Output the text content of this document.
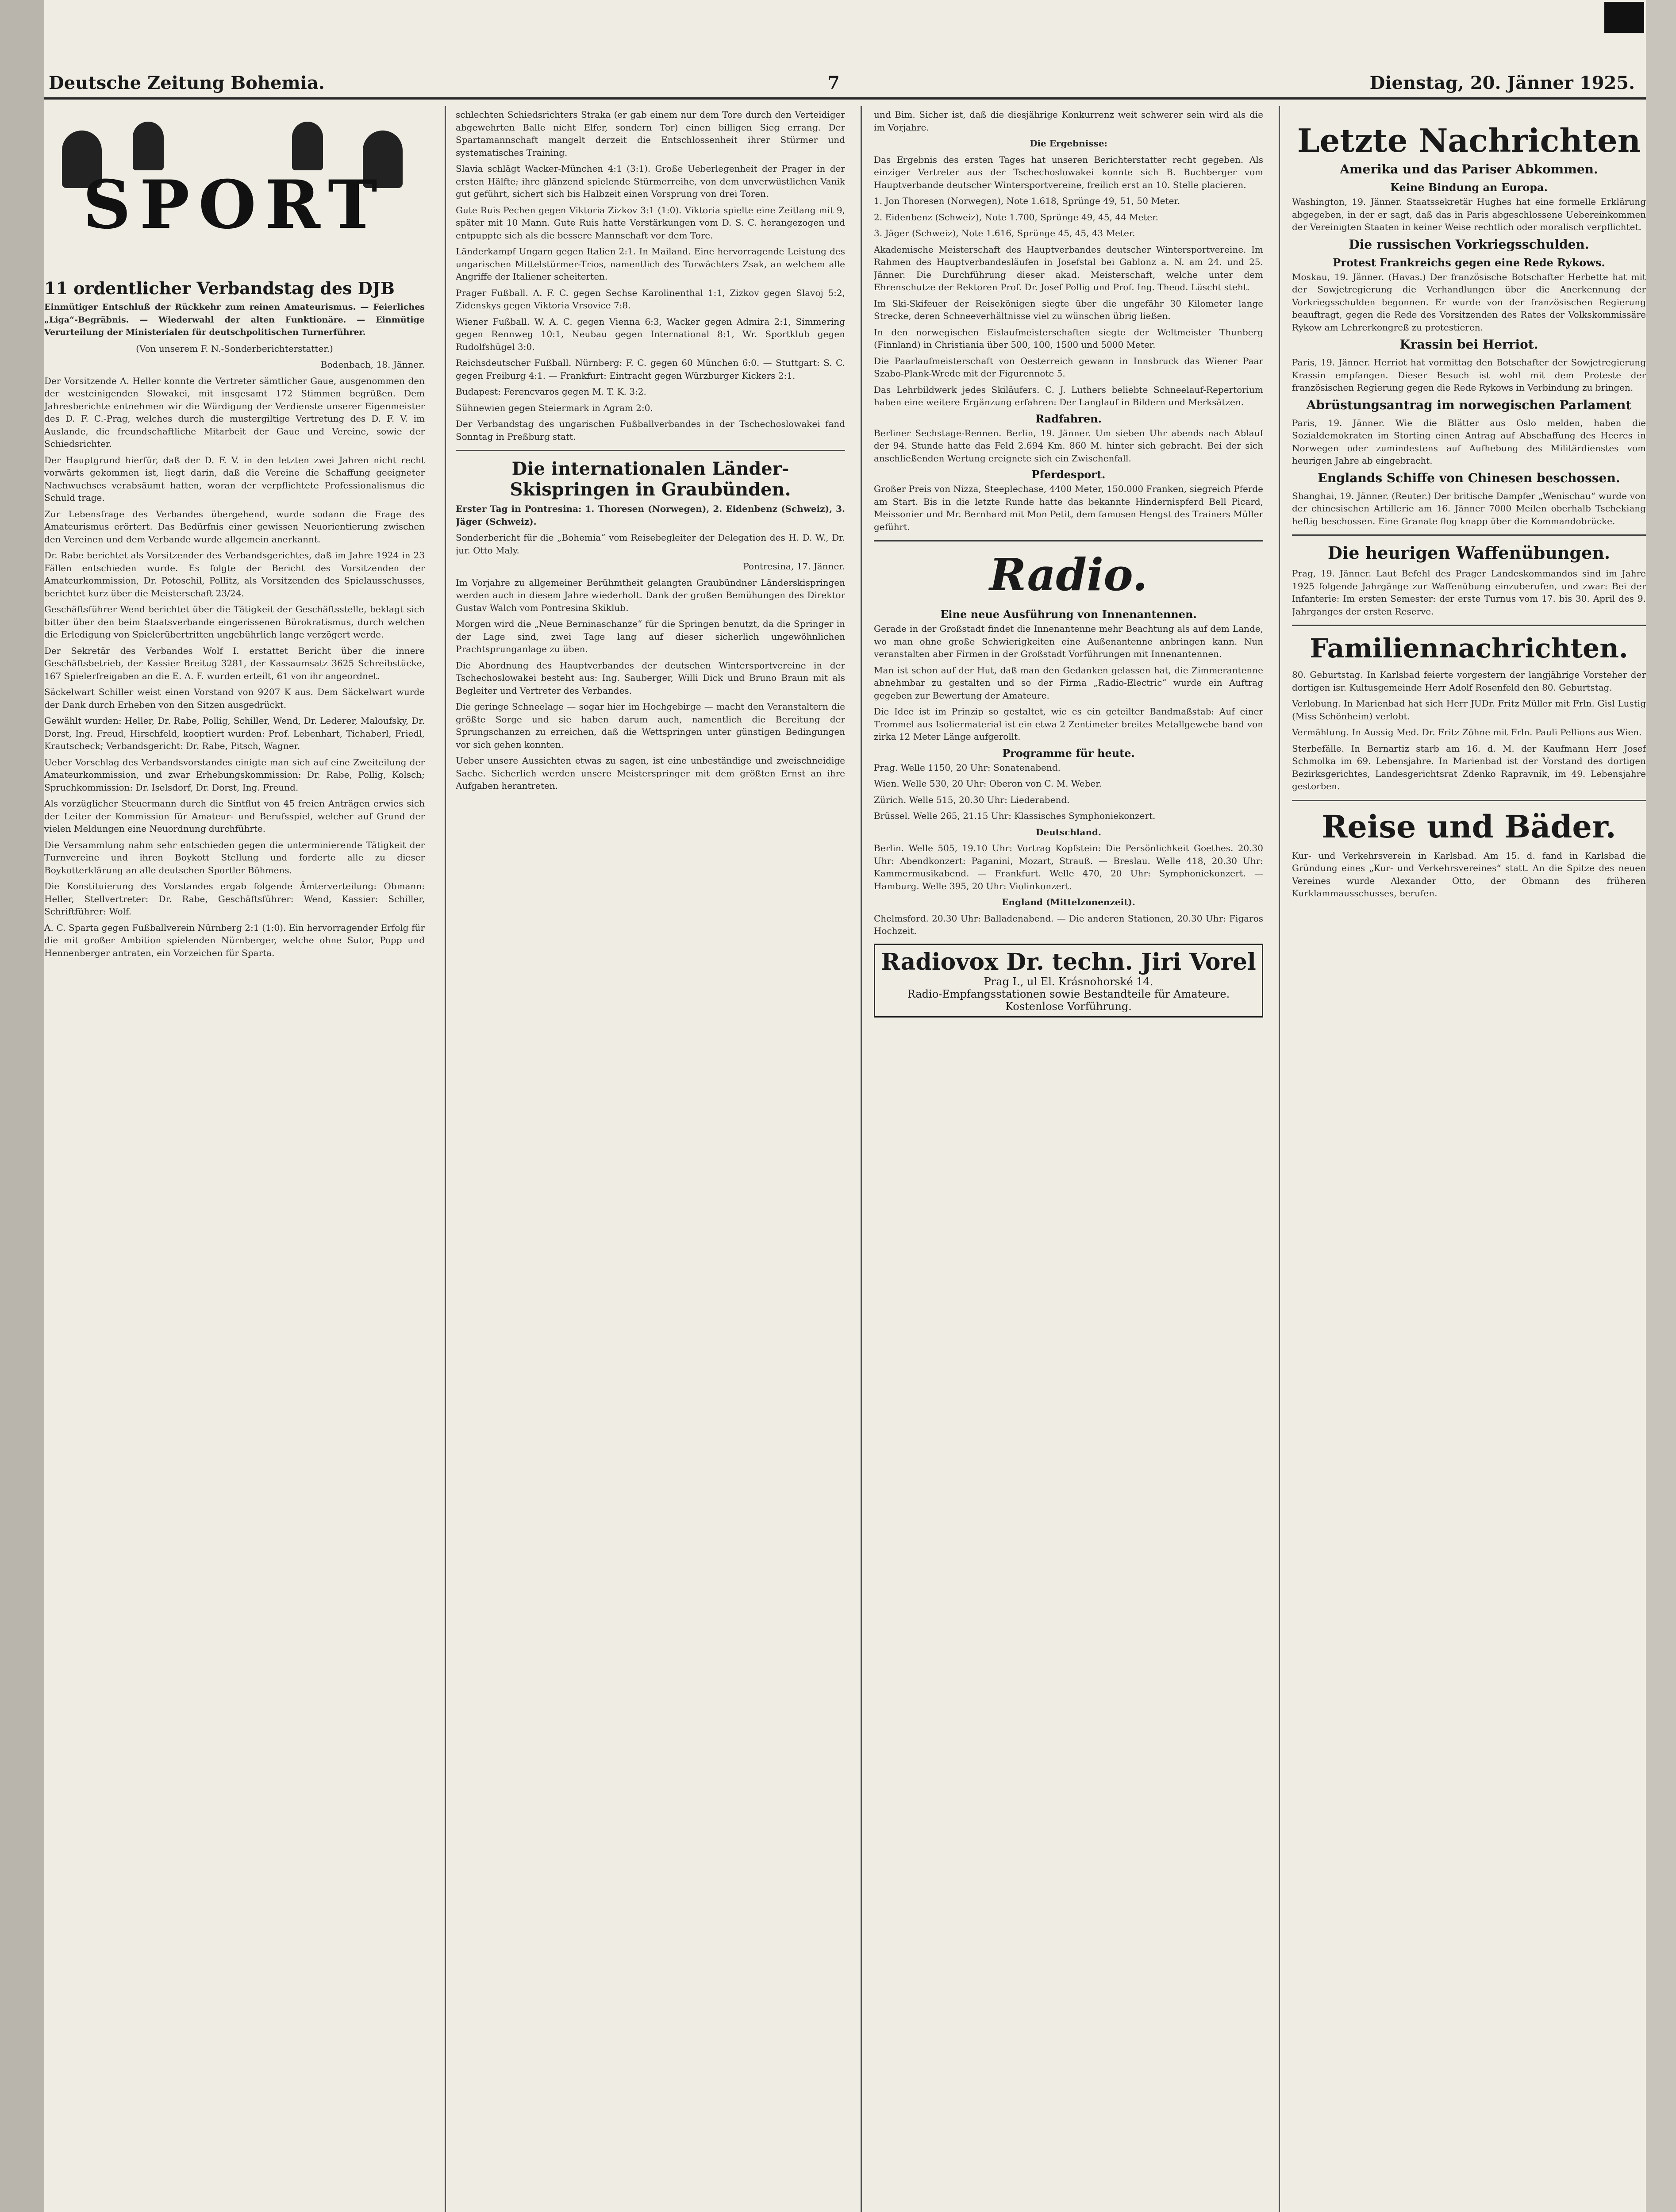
Deutsche Zeitung Bohemia.	7	Dienstag, 20. Jänner 1925.
SPORT
11 ordentlicher Verbandstag des DJB

Einmütiger Entschluß der Rückkehr zum reinen Amateurismus. — Feierliches „Liga“-Begräbnis. — Wiederwahl der alten Funktionäre. — Einmütige Verurteilung der Ministerialen für deutschpolitischen Turnerführer.

(Von unserem F. N.-Sonderberichterstatter.)

Bodenbach, 18. Jänner.

Der Vorsitzende A. Heller konnte die Vertreter sämtlicher Gaue, ausgenommen den der westeinigenden Slowakei, mit insgesamt 172 Stimmen begrüßen. Dem Jahresberichte entnehmen wir die Würdigung der Verdienste unserer Eigenmeister des D. F. C.-Prag, welches durch die mustergiltige Vertretung des D. F. V. im Auslande, die freundschaftliche Mitarbeit der Gaue und Vereine, sowie der Schiedsrichter.

Der Hauptgrund hierfür, daß der D. F. V. in den letzten zwei Jahren nicht recht vorwärts gekommen ist, liegt darin, daß die Vereine die Schaffung geeigneter Nachwuchses verabsäumt hatten, woran der verpflichtete Professionalismus die Schuld trage.

Zur Lebensfrage des Verbandes übergehend, wurde sodann die Frage des Amateurismus erörtert. Das Bedürfnis einer gewissen Neuorientierung zwischen den Vereinen und dem Verbande wurde allgemein anerkannt.

Dr. Rabe berichtet als Vorsitzender des Verbandsgerichtes, daß im Jahre 1924 in 23 Fällen entschieden wurde. Es folgte der Bericht des Vorsitzenden der Amateurkommission, Dr. Potoschil, Pollitz, als Vorsitzenden des Spielausschusses, berichtet kurz über die Meisterschaft 23/24.

Geschäftsführer Wend berichtet über die Tätigkeit der Geschäftsstelle, beklagt sich bitter über den beim Staatsverbande eingerissenen Bürokratismus, durch welchen die Erledigung von Spielerübertritten ungebührlich lange verzögert werde.

Der Sekretär des Verbandes Wolf I. erstattet Bericht über die innere Geschäftsbetrieb, der Kassier Breitug 3281, der Kassaumsatz 3625 Schreibstücke, 167 Spielerfreigaben an die E. A. F. wurden erteilt, 61 von ihr angeordnet.

Säckelwart Schiller weist einen Vorstand von 9207 K aus. Dem Säckelwart wurde der Dank durch Erheben von den Sitzen ausgedrückt.

Gewählt wurden: Heller, Dr. Rabe, Pollig, Schiller, Wend, Dr. Lederer, Maloufsky, Dr. Dorst, Ing. Freud, Hirschfeld, kooptiert wurden: Prof. Lebenhart, Tichaberl, Friedl, Krautscheck; Verbandsgericht: Dr. Rabe, Pitsch, Wagner.

Ueber Vorschlag des Verbandsvorstandes einigte man sich auf eine Zweiteilung der Amateurkommission, und zwar Erhebungskommission: Dr. Rabe, Pollig, Kolsch; Spruchkommission: Dr. Iselsdorf, Dr. Dorst, Ing. Freund.

Als vorzüglicher Steuermann durch die Sintflut von 45 freien Anträgen erwies sich der Leiter der Kommission für Amateur- und Berufsspiel, welcher auf Grund der vielen Meldungen eine Neuordnung durchführte.

Die Versammlung nahm sehr entschieden gegen die unterminierende Tätigkeit der Turnvereine und ihren Boykott Stellung und forderte alle zu dieser Boykotterklärung an alle deutschen Sportler Böhmens.

Die Konstituierung des Vorstandes ergab folgende Ämterverteilung: Obmann: Heller, Stellvertreter: Dr. Rabe, Geschäftsführer: Wend, Kassier: Schiller, Schriftführer: Wolf.

A. C. Sparta gegen Fußballverein Nürnberg 2:1 (1:0). Ein hervorragender Erfolg für die mit großer Ambition spielenden Nürnberger, welche ohne Sutor, Popp und Hennenberger antraten, ein Vorzeichen für Sparta.

schlechten Schiedsrichters Straka (er gab einem nur dem Tore durch den Verteidiger abgewehrten Balle nicht Elfer, sondern Tor) einen billigen Sieg errang. Der Spartamannschaft mangelt derzeit die Entschlossenheit ihrer Stürmer und systematisches Training.

Slavia schlägt Wacker-München 4:1 (3:1). Große Ueberlegenheit der Prager in der ersten Hälfte; ihre glänzend spielende Stürmerreihe, von dem unverwüstlichen Vanik gut geführt, sichert sich bis Halbzeit einen Vorsprung von drei Toren.

Gute Ruis Pechen gegen Viktoria Zizkov 3:1 (1:0). Viktoria spielte eine Zeitlang mit 9, später mit 10 Mann. Gute Ruis hatte Verstärkungen vom D. S. C. herangezogen und entpuppte sich als die bessere Mannschaft vor dem Tore.

Länderkampf Ungarn gegen Italien 2:1. In Mailand. Eine hervorragende Leistung des ungarischen Mittelstürmer-Trios, namentlich des Torwächters Zsak, an welchem alle Angriffe der Italiener scheiterten.

Prager Fußball. A. F. C. gegen Sechse Karolinenthal 1:1, Zizkov gegen Slavoj 5:2, Zidenskys gegen Viktoria Vrsovice 7:8.

Wiener Fußball. W. A. C. gegen Vienna 6:3, Wacker gegen Admira 2:1, Simmering gegen Rennweg 10:1, Neubau gegen International 8:1, Wr. Sportklub gegen Rudolfshügel 3:0.

Reichsdeutscher Fußball. Nürnberg: F. C. gegen 60 München 6:0. — Stuttgart: S. C. gegen Freiburg 4:1. — Frankfurt: Eintracht gegen Würzburger Kickers 2:1.

Budapest: Ferencvaros gegen M. T. K. 3:2.

Sühnewien gegen Steiermark in Agram 2:0.

Der Verbandstag des ungarischen Fußballverbandes in der Tschechoslowakei fand Sonntag in Preßburg statt.

Die internationalen Länder-Skispringen in Graubünden.

Erster Tag in Pontresina: 1. Thoresen (Norwegen), 2. Eidenbenz (Schweiz), 3. Jäger (Schweiz).

Sonderbericht für die „Bohemia“ vom Reisebegleiter der Delegation des H. D. W., Dr. jur. Otto Maly.

Pontresina, 17. Jänner.

Im Vorjahre zu allgemeiner Berühmtheit gelangten Graubündner Länderskispringen werden auch in diesem Jahre wiederholt. Dank der großen Bemühungen des Direktor Gustav Walch vom Pontresina Skiklub.

Morgen wird die „Neue Berninaschanze“ für die Springen benutzt, da die Springer in der Lage sind, zwei Tage lang auf dieser sicherlich ungewöhnlichen Prachtsprunganlage zu üben.

Die Abordnung des Hauptverbandes der deutschen Wintersportvereine in der Tschechoslowakei besteht aus: Ing. Sauberger, Willi Dick und Bruno Braun mit als Begleiter und Vertreter des Verbandes.

Die geringe Schneelage — sogar hier im Hochgebirge — macht den Veranstaltern die größte Sorge und sie haben darum auch, namentlich die Bereitung der Sprungschanzen zu erreichen, daß die Wettspringen unter günstigen Bedingungen vor sich gehen konnten.

Ueber unsere Aussichten etwas zu sagen, ist eine unbeständige und zweischneidige Sache. Sicherlich werden unsere Meisterspringer mit dem größten Ernst an ihre Aufgaben herantreten.

und Bim. Sicher ist, daß die diesjährige Konkurrenz weit schwerer sein wird als die im Vorjahre.

Die Ergebnisse:

Das Ergebnis des ersten Tages hat unseren Berichterstatter recht gegeben. Als einziger Vertreter aus der Tschechoslowakei konnte sich B. Buchberger vom Hauptverbande deutscher Wintersportvereine, freilich erst an 10. Stelle placieren.

1. Jon Thoresen (Norwegen), Note 1.618, Sprünge 49, 51, 50 Meter.

2. Eidenbenz (Schweiz), Note 1.700, Sprünge 49, 45, 44 Meter.

3. Jäger (Schweiz), Note 1.616, Sprünge 45, 45, 43 Meter.

Akademische Meisterschaft des Hauptverbandes deutscher Wintersportvereine. Im Rahmen des Hauptverbandesläufen in Josefstal bei Gablonz a. N. am 24. und 25. Jänner. Die Durchführung dieser akad. Meisterschaft, welche unter dem Ehrenschutze der Rektoren Prof. Dr. Josef Pollig und Prof. Ing. Theod. Lüscht steht.

Im Ski-Skifeuer der Reisekönigen siegte über die ungefähr 30 Kilometer lange Strecke, deren Schneeverhältnisse viel zu wünschen übrig ließen.

In den norwegischen Eislaufmeisterschaften siegte der Weltmeister Thunberg (Finnland) in Christiania über 500, 100, 1500 und 5000 Meter.

Die Paarlaufmeisterschaft von Oesterreich gewann in Innsbruck das Wiener Paar Szabo-Plank-Wrede mit der Figurennote 5.

Das Lehrbildwerk jedes Skiläufers. C. J. Luthers beliebte Schneelauf-Repertorium haben eine weitere Ergänzung erfahren: Der Langlauf in Bildern und Merksätzen.

Radfahren.

Berliner Sechstage-Rennen. Berlin, 19. Jänner. Um sieben Uhr abends nach Ablauf der 94. Stunde hatte das Feld 2.694 Km. 860 M. hinter sich gebracht. Bei der sich anschließenden Wertung ereignete sich ein Zwischenfall.

Pferdesport.

Großer Preis von Nizza, Steeplechase, 4400 Meter, 150.000 Franken, siegreich Pferde am Start. Bis in die letzte Runde hatte das bekannte Hindernispferd Bell Picard, Meissonier und Mr. Bernhard mit Mon Petit, dem famosen Hengst des Trainers Müller geführt.

Radio.
Eine neue Ausführung von Innenantennen.

Gerade in der Großstadt findet die Innenantenne mehr Beachtung als auf dem Lande, wo man ohne große Schwierigkeiten eine Außenantenne anbringen kann. Nun veranstalten aber Firmen in der Großstadt Vorführungen mit Innenantennen.

Man ist schon auf der Hut, daß man den Gedanken gelassen hat, die Zimmerantenne abnehmbar zu gestalten und so der Firma „Radio-Electric“ wurde ein Auftrag gegeben zur Bewertung der Amateure.

Die Idee ist im Prinzip so gestaltet, wie es ein geteilter Bandmaßstab: Auf einer Trommel aus Isoliermaterial ist ein etwa 2 Zentimeter breites Metallgewebe band von zirka 12 Meter Länge aufgerollt.

Programme für heute.

Prag. Welle 1150, 20 Uhr: Sonatenabend.

Wien. Welle 530, 20 Uhr: Oberon von C. M. Weber.

Zürich. Welle 515, 20.30 Uhr: Liederabend.

Brüssel. Welle 265, 21.15 Uhr: Klassisches Symphoniekonzert.

Deutschland.

Berlin. Welle 505, 19.10 Uhr: Vortrag Kopfstein: Die Persönlichkeit Goethes. 20.30 Uhr: Abendkonzert: Paganini, Mozart, Strauß. — Breslau. Welle 418, 20.30 Uhr: Kammermusikabend. — Frankfurt. Welle 470, 20 Uhr: Symphoniekonzert. — Hamburg. Welle 395, 20 Uhr: Violinkonzert.

England (Mittelzonenzeit).

Chelmsford. 20.30 Uhr: Balladenabend. — Die anderen Stationen, 20.30 Uhr: Figaros Hochzeit.

Radiovox Dr. techn. Jiri Vorel
Prag I., ul El. Krásnohorské 14.
Radio-Empfangsstationen sowie Bestandteile für Amateure. Kostenlose Vorführung.
Letzte Nachrichten
Amerika und das Pariser Abkommen.
Keine Bindung an Europa.

Washington, 19. Jänner. Staatssekretär Hughes hat eine formelle Erklärung abgegeben, in der er sagt, daß das in Paris abgeschlossene Uebereinkommen der Vereinigten Staaten in keiner Weise rechtlich oder moralisch verpflichtet.

Die russischen Vorkriegsschulden.
Protest Frankreichs gegen eine Rede Rykows.

Moskau, 19. Jänner. (Havas.) Der französische Botschafter Herbette hat mit der Sowjetregierung die Verhandlungen über die Anerkennung der Vorkriegsschulden begonnen. Er wurde von der französischen Regierung beauftragt, gegen die Rede des Vorsitzenden des Rates der Volkskommissäre Rykow am Lehrerkongreß zu protestieren.

Krassin bei Herriot.

Paris, 19. Jänner. Herriot hat vormittag den Botschafter der Sowjetregierung Krassin empfangen. Dieser Besuch ist wohl mit dem Proteste der französischen Regierung gegen die Rede Rykows in Verbindung zu bringen.

Abrüstungsantrag im norwegischen Parlament

Paris, 19. Jänner. Wie die Blätter aus Oslo melden, haben die Sozialdemokraten im Storting einen Antrag auf Abschaffung des Heeres in Norwegen oder zumindestens auf Aufhebung des Militärdienstes vom heurigen Jahre ab eingebracht.

Englands Schiffe von Chinesen beschossen.

Shanghai, 19. Jänner. (Reuter.) Der britische Dampfer „Wenischau“ wurde von der chinesischen Artillerie am 16. Jänner 7000 Meilen oberhalb Tschekiang heftig beschossen. Eine Granate flog knapp über die Kommandobrücke.

Die heurigen Waffenübungen.

Prag, 19. Jänner. Laut Befehl des Prager Landeskommandos sind im Jahre 1925 folgende Jahrgänge zur Waffenübung einzuberufen, und zwar: Bei der Infanterie: Im ersten Semester: der erste Turnus vom 17. bis 30. April des 9. Jahrganges der ersten Reserve.

Familiennachrichten.

80. Geburtstag. In Karlsbad feierte vorgestern der langjährige Vorsteher der dortigen isr. Kultusgemeinde Herr Adolf Rosenfeld den 80. Geburtstag.

Verlobung. In Marienbad hat sich Herr JUDr. Fritz Müller mit Frln. Gisl Lustig (Miss Schönheim) verlobt.

Vermählung. In Aussig Med. Dr. Fritz Zöhne mit Frln. Pauli Pellions aus Wien.

Sterbefälle. In Bernartiz starb am 16. d. M. der Kaufmann Herr Josef Schmolka im 69. Lebensjahre. In Marienbad ist der Vorstand des dortigen Bezirksgerichtes, Landesgerichtsrat Zdenko Rapravnik, im 49. Lebensjahre gestorben.

Reise und Bäder.

Kur- und Verkehrsverein in Karlsbad. Am 15. d. fand in Karlsbad die Gründung eines „Kur- und Verkehrsvereines“ statt. An die Spitze des neuen Vereines wurde Alexander Otto, der Obmann des früheren Kurklammausschusses, berufen.
